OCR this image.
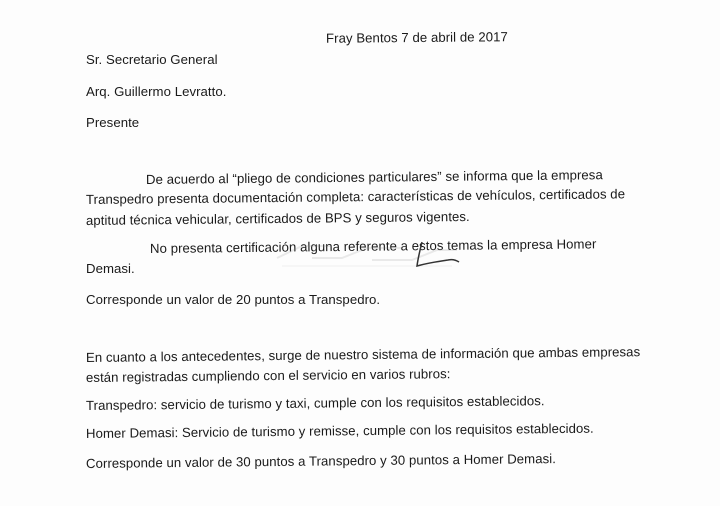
Fray Bentos 7 de abril de 2017
Sr. Secretario General
Arq. Guillermo Levratto.
Presente
De acuerdo al “pliego de condiciones particulares” se informa que la empresa
Transpedro presenta documentación completa: características de vehículos, certificados de
aptitud técnica vehicular, certificados de BPS y seguros vigentes.
No presenta certificación alguna referente a estos temas la empresa Homer
Demasi.
Corresponde un valor de 20 puntos a Transpedro.
En cuanto a los antecedentes, surge de nuestro sistema de información que ambas empresas
están registradas cumpliendo con el servicio en varios rubros:
Transpedro: servicio de turismo y taxi, cumple con los requisitos establecidos.
Homer Demasi: Servicio de turismo y remisse, cumple con los requisitos establecidos.
Corresponde un valor de 30 puntos a Transpedro y 30 puntos a Homer Demasi.
